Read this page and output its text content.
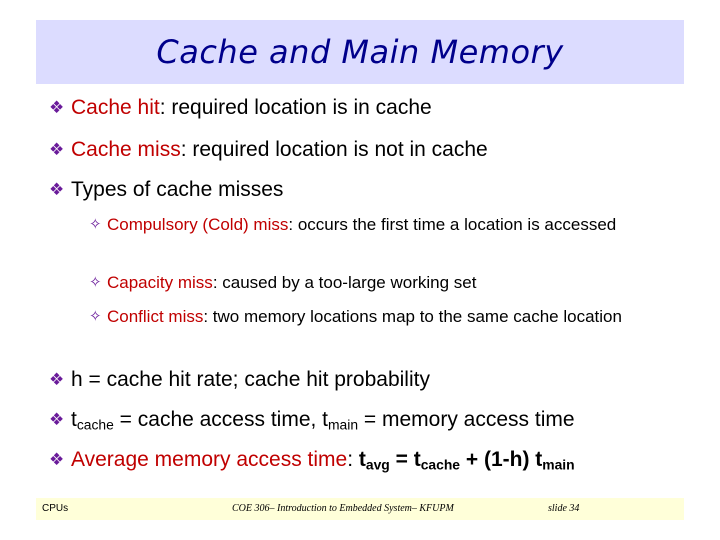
Cache and Main Memory
❖ Cache hit: required location is in cache
❖ Cache miss: required location is not in cache
❖ Types of cache misses
✧ Compulsory (Cold) miss: occurs the first time a location is accessed
✧ Capacity miss: caused by a too-large working set
✧ Conflict miss: two memory locations map to the same cache location
❖ h = cache hit rate; cache hit probability
❖ $t_{cache}$ = cache access time, $t_{main}$ = memory access time
❖ Average memory access time: $t_{avg} = t_{cache} + (1-h)$ $t_{main}$
CPUs	COE 306– Introduction to Embedded System– KFUPM	slide 34
